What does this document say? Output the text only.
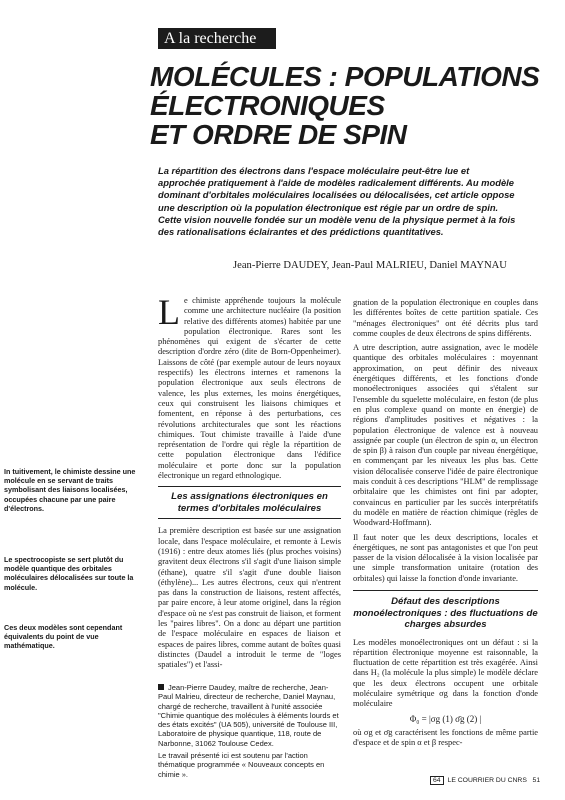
A la recherche
MOLÉCULES : POPULATIONS
ÉLECTRONIQUES
ET ORDRE DE SPIN
La répartition des électrons dans l'espace moléculaire peut-être lue et approchée pratiquement à l'aide de modèles radicalement différents. Au modèle dominant d'orbitales moléculaires localisées ou délocalisées, cet article oppose une description où la population électronique est régie par un ordre de spin. Cette vision nouvelle fondée sur un modèle venu de la physique permet à la fois des rationalisations éclairantes et des prédictions quantitatives.
Jean-Pierre DAUDEY, Jean-Paul MALRIEU, Daniel MAYNAU
In tuitivement, le chimiste dessine une molécule en se servant de traits symbolisant des liaisons localisées, occupées chacune par une paire d'électrons.
Le spectrocopiste se sert plutôt du modèle quantique des orbitales moléculaires délocalisées sur toute la molécule.
Ces deux modèles sont cependant équivalents du point de vue mathématique.

Le chimiste appréhende toujours la molécule comme une architecture nucléaire (la position relative des différents atomes) habitée par une population électronique. Rares sont les phénomènes qui exigent de s'écarter de cette description d'ordre zéro (dite de Born-Oppenheimer). Laissons de côté (par exemple autour de leurs noyaux respectifs) les électrons internes et ramenons la population électronique aux seuls électrons de valence, les plus externes, les moins énergétiques, ceux qui construisent les liaisons chimiques et fomentent, en réponse à des perturbations, ces révolutions architecturales que sont les réactions chimiques. Tout chimiste travaille à l'aide d'une représentation de l'ordre qui règle la répartition de cette population électronique dans l'édifice moléculaire et porte donc sur la population électronique un regard ethnologique.

Les assignations électroniques en termes d'orbitales moléculaires

La première description est basée sur une assignation locale, dans l'espace moléculaire, et remonte à Lewis (1916) : entre deux atomes liés (plus proches voisins) gravitent deux électrons s'il s'agit d'une liaison simple (éthane), quatre s'il s'agit d'une double liaison (éthylène)... Les autres électrons, ceux qui n'entrent pas dans la construction de liaisons, restent affectés, par paire encore, à leur atome originel, dans la région d'espace où ne s'est pas construit de liaison, et forment les "paires libres". On a donc au départ une partition de l'espace moléculaire en espaces de liaison et espaces de paires libres, comme autant de boîtes quasi distinctes (Daudel a introduit le terme de "loges spatiales") et l'assi-

Jean-Pierre Daudey, maître de recherche, Jean-Paul Malrieu, directeur de recherche, Daniel Maynau, chargé de recherche, travaillent à l'unité associée "Chimie quantique des molécules à éléments lourds et des états excités" (UA 505), université de Toulouse III, Laboratoire de physique quantique, 118, route de Narbonne, 31062 Toulouse Cedex.

Le travail présenté ici est soutenu par l'action thématique programmée « Nouveaux concepts en chimie ».

gnation de la population électronique en couples dans les différentes boîtes de cette partition spatiale. Ces "ménages électroniques" ont été décrits plus tard comme couples de deux électrons de spins différents.

A utre description, autre assignation, avec le modèle quantique des orbitales moléculaires : moyennant approximation, on peut définir des niveaux énergétiques différents, et les fonctions d'onde monoélectroniques associées qui s'étalent sur l'ensemble du squelette moléculaire, en feston (de plus en plus complexe quand on monte en énergie) de régions d'amplitudes positives et négatives : la population électronique de valence est à nouveau assignée par couple (un électron de spin α, un électron de spin β) à raison d'un couple par niveau énergétique, en commençant par les niveaux les plus bas. Cette vision délocalisée conserve l'idée de paire électronique mais conduit à ces descriptions "HLM" de remplissage orbitalaire que les chimistes ont fini par adopter, convaincus en particulier par les succès interprétatifs du modèle en matière de réaction chimique (règles de Woodward-Hoffmann).

Il faut noter que les deux descriptions, locales et énergétiques, ne sont pas antagonistes et que l'on peut passer de la vision délocalisée à la vision localisée par une simple transformation unitaire (rotation des orbitales) qui laisse la fonction d'onde invariante.

Défaut des descriptions monoélectroniques : des fluctuations de charges absurdes

Les modèles monoélectroniques ont un défaut : si la répartition électronique moyenne est raisonnable, la fluctuation de cette répartition est très exagérée. Ainsi dans H₂ (la molécule la plus simple) le modèle déclare que les deux électrons occupent une orbitale moléculaire symétrique σg dans la fonction d'onde moléculaire

Φ₀ = |σg (1) σ̄g (2) |

où σg et σ̄g caractérisent les fonctions de même partie d'espace et de spin α et β respec-

64 LE COURRIER DU CNRS 51
